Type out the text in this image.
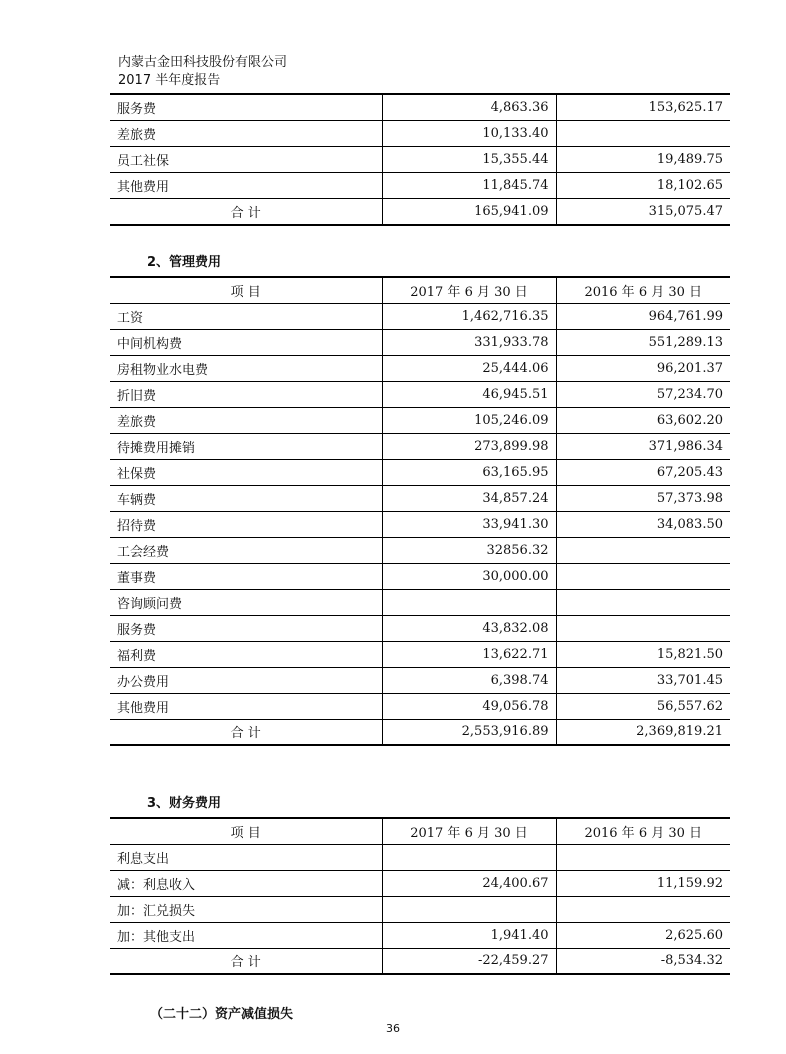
内蒙古金田科技股份有限公司
2017 半年度报告
服务费	4,863.36	153,625.17
差旅费	10,133.40	
员工社保	15,355.44	19,489.75
其他费用	11,845.74	18,102.65
合 计	165,941.09	315,075.47
2、管理费用
项 目	2017 年 6 月 30 日	2016 年 6 月 30 日
工资	1,462,716.35	964,761.99
中间机构费	331,933.78	551,289.13
房租物业水电费	25,444.06	96,201.37
折旧费	46,945.51	57,234.70
差旅费	105,246.09	63,602.20
待摊费用摊销	273,899.98	371,986.34
社保费	63,165.95	67,205.43
车辆费	34,857.24	57,373.98
招待费	33,941.30	34,083.50
工会经费	32856.32	
董事费	30,000.00	
咨询顾问费		
服务费	43,832.08	
福利费	13,622.71	15,821.50
办公费用	6,398.74	33,701.45
其他费用	49,056.78	56,557.62
合 计	2,553,916.89	2,369,819.21
3、财务费用
项 目	2017 年 6 月 30 日	2016 年 6 月 30 日
利息支出		
减：利息收入	24,400.67	11,159.92
加：汇兑损失		
加：其他支出	1,941.40	2,625.60
合 计	-22,459.27	-8,534.32
（二十二）资产减值损失
36
